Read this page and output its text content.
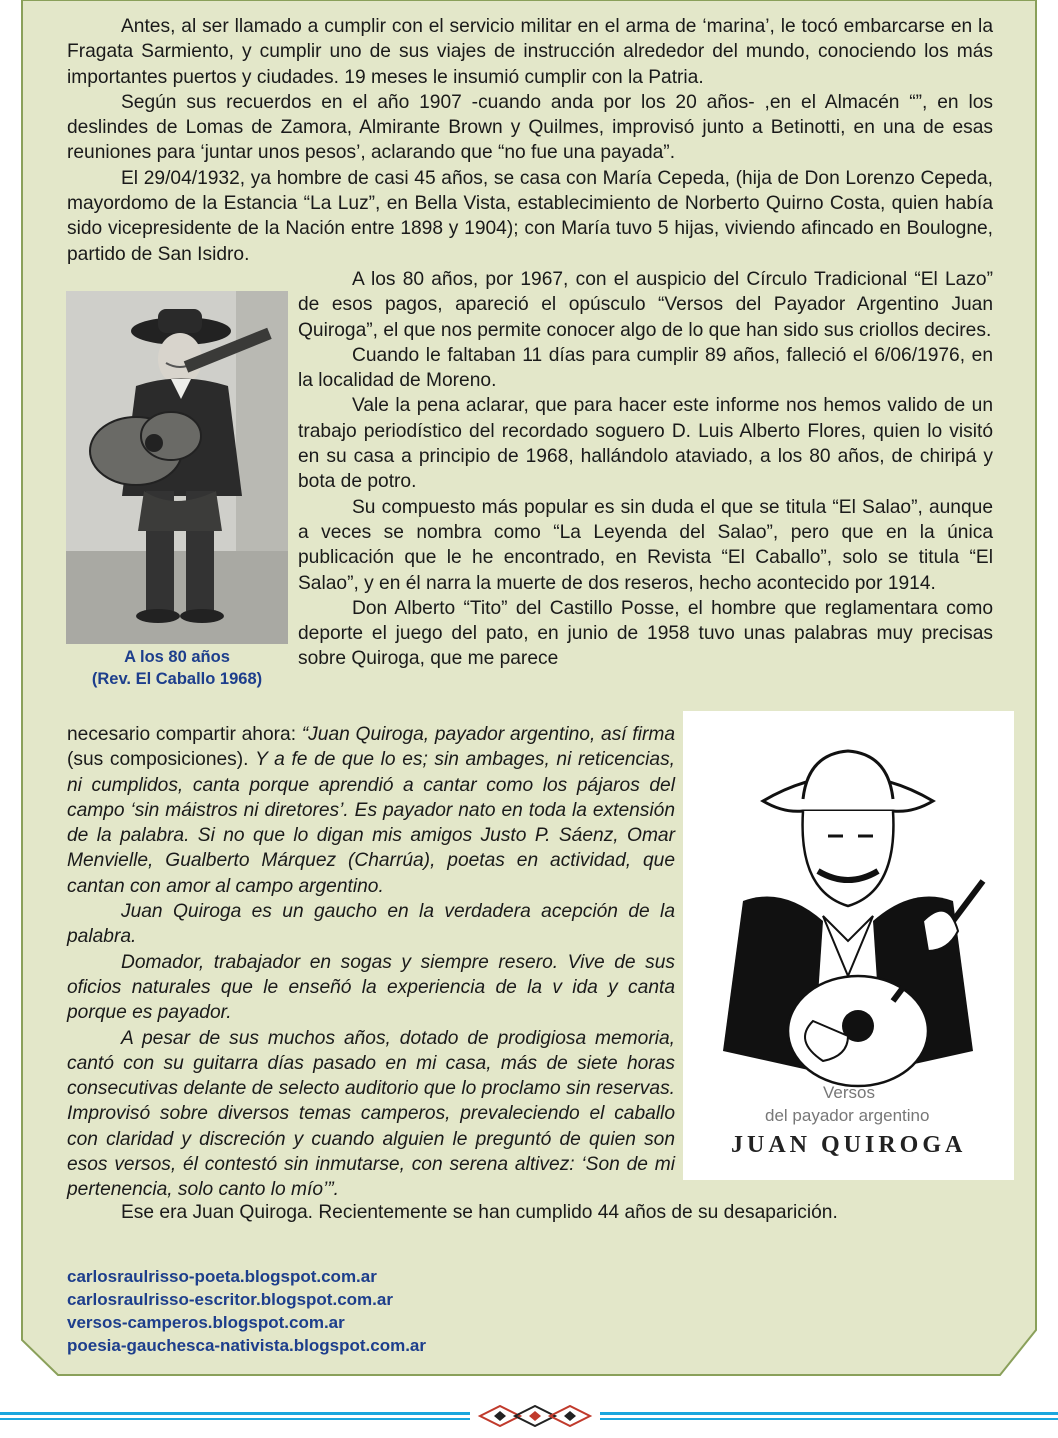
Antes, al ser llamado a cumplir con el servicio militar en el arma de ‘marina’, le tocó embarcarse en la Fragata Sarmiento, y cumplir uno de sus viajes de instrucción alrededor del mundo, conociendo los más importantes puertos y ciudades. 19 meses le insumió cumplir con la Patria.

Según sus recuerdos en el año 1907 -cuando anda por los 20 años- ,en el Almacén “”, en los deslindes de Lomas de Zamora, Almirante Brown y Quilmes, improvisó junto a Betinotti, en una de esas reuniones para ‘juntar unos pesos’, aclarando que “no fue una payada”.

El 29/04/1932, ya hombre de casi 45 años, se casa con María Cepeda, (hija de Don Lorenzo Cepeda, mayordomo de la Estancia “La Luz”, en Bella Vista, establecimiento de Norberto Quirno Costa, quien había sido vicepresidente de la Nación entre 1898 y 1904); con María tuvo 5 hijas, viviendo afincado en Boulogne, partido de San Isidro.

A los 80 años
(Rev. El Caballo 1968)

A los 80 años, por 1967, con el auspicio del Círculo Tradicional “El Lazo” de esos pagos, apareció el opúsculo “Versos del Payador Argentino Juan Quiroga”, el que nos permite conocer algo de lo que han sido sus criollos decires.

Cuando le faltaban 11 días para cumplir 89 años, falleció el 6/06/1976, en la localidad de Moreno.

Vale la pena aclarar, que para hacer este informe nos hemos valido de un trabajo periodístico del recordado soguero D. Luis Alberto Flores, quien lo visitó en su casa a principio de 1968, hallándolo ataviado, a los 80 años, de chiripá y bota de potro.

Su compuesto más popular es sin duda el que se titula “El Salao”, aunque a veces se nombra como “La Leyenda del Salao”, pero que en la única publicación que le he encontrado, en Revista “El Caballo”, solo se titula “El Salao”, y en él narra la muerte de dos reseros, hecho acontecido por 1914.

Don Alberto “Tito” del Castillo Posse, el hombre que reglamentara como deporte el juego del pato, en junio de 1958 tuvo unas palabras muy precisas sobre Quiroga, que me parece

necesario compartir ahora: “Juan Quiroga, payador argentino, así firma (sus composiciones). Y a fe de que lo es; sin ambages, ni reticencias, ni cumplidos, canta porque aprendió a cantar como los pájaros del campo ‘sin máistros ni diretores’. Es payador nato en toda la extensión de la palabra. Si no que lo digan mis amigos Justo P. Sáenz, Omar Menvielle, Gualberto Márquez (Charrúa), poetas en actividad, que cantan con amor al campo argentino.

Juan Quiroga es un gaucho en la verdadera acepción de la palabra.

Domador, trabajador en sogas y siempre resero. Vive de sus oficios naturales que le enseñó la experiencia de la v ida y canta porque es payador.

A pesar de sus muchos años, dotado de prodigiosa memoria, cantó con su guitarra días pasado en mi casa, más de siete horas consecutivas delante de selecto auditorio que lo proclamo sin reservas. Improvisó sobre diversos temas camperos, prevaleciendo el caballo con claridad y discreción y cuando alguien le preguntó de quien son esos versos, él contestó sin inmutarse, con serena altivez: ‘Son de mi pertenencia, solo canto lo mío’”.

Versos
del payador argentino
JUAN QUIROGA

Ese era Juan Quiroga. Recientemente se han cumplido 44 años de su desaparición.

carlosraulrisso-poeta.blogspot.com.ar
carlosraulrisso-escritor.blogspot.com.ar
versos-camperos.blogspot.com.ar
poesia-gauchesca-nativista.blogspot.com.ar
